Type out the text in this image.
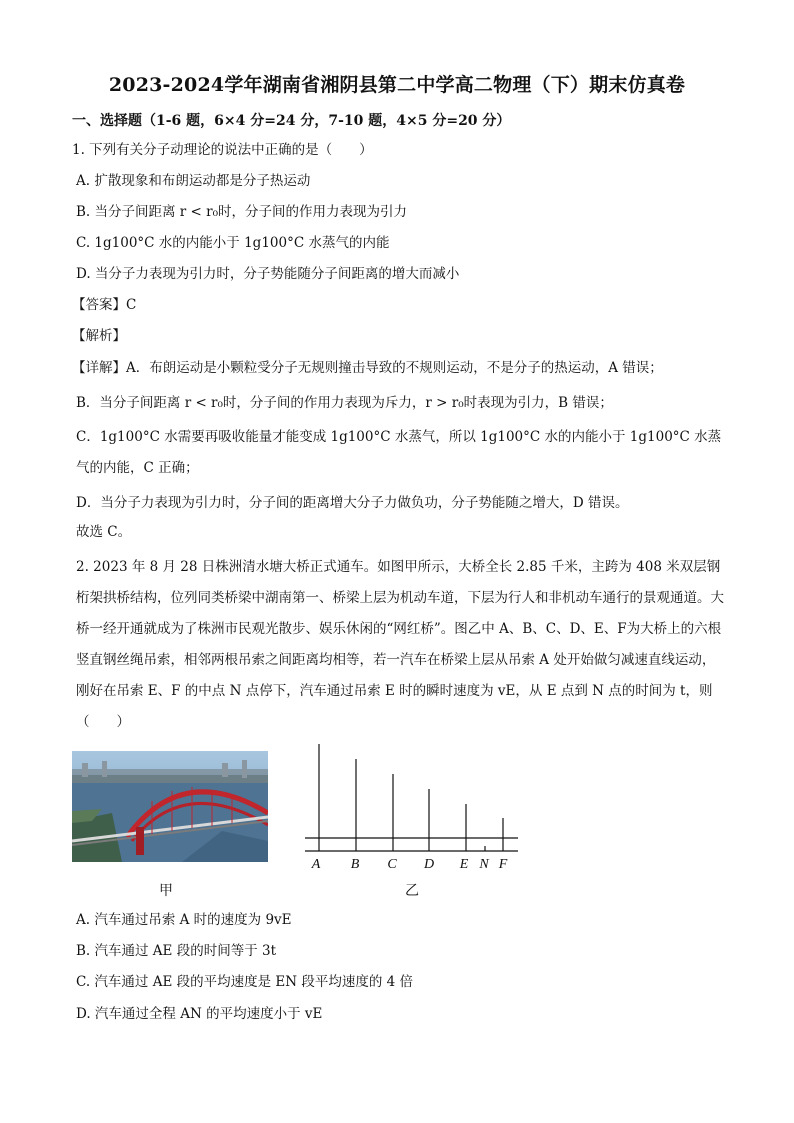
2023-2024学年湖南省湘阴县第二中学高二物理（下）期末仿真卷
一、选择题（1-6 题，6×4 分=24 分，7-10 题，4×5 分=20 分）
1. 下列有关分子动理论的说法中正确的是（　　）
A. 扩散现象和布朗运动都是分子热运动
B. 当分子间距离 r < r₀时，分子间的作用力表现为引力
C. 1g100°C 水的内能小于 1g100°C 水蒸气的内能
D. 当分子力表现为引力时，分子势能随分子间距离的增大而减小
【答案】C
【解析】
【详解】A．布朗运动是小颗粒受分子无规则撞击导致的不规则运动，不是分子的热运动，A 错误；
B．当分子间距离 r < r₀时，分子间的作用力表现为斥力，r > r₀时表现为引力，B 错误；
C．1g100°C 水需要再吸收能量才能变成 1g100°C 水蒸气，所以 1g100°C 水的内能小于 1g100°C 水蒸气的内能，C 正确；
D．当分子力表现为引力时，分子间的距离增大分子力做负功，分子势能随之增大，D 错误。
故选 C。
2. 2023 年 8 月 28 日株洲清水塘大桥正式通车。如图甲所示，大桥全长 2.85 千米，主跨为 408 米双层钢桁架拱桥结构，位列同类桥梁中湖南第一、桥梁上层为机动车道，下层为行人和非机动车通行的景观通道。大桥一经开通就成为了株洲市民观光散步、娱乐休闲的“网红桥”。图乙中 A、B、C、D、E、F为大桥上的六根竖直钢丝绳吊索，相邻两根吊索之间距离均相等，若一汽车在桥梁上层从吊索 A 处开始做匀减速直线运动，刚好在吊索 E、F 的中点 N 点停下，汽车通过吊索 E 时的瞬时速度为 vE，从 E 点到 N 点的时间为 t，则（　　）
甲
A B C D E N F
乙
A. 汽车通过吊索 A 时的速度为 9vE
B. 汽车通过 AE 段的时间等于 3t
C. 汽车通过 AE 段的平均速度是 EN 段平均速度的 4 倍
D. 汽车通过全程 AN 的平均速度小于 vE
